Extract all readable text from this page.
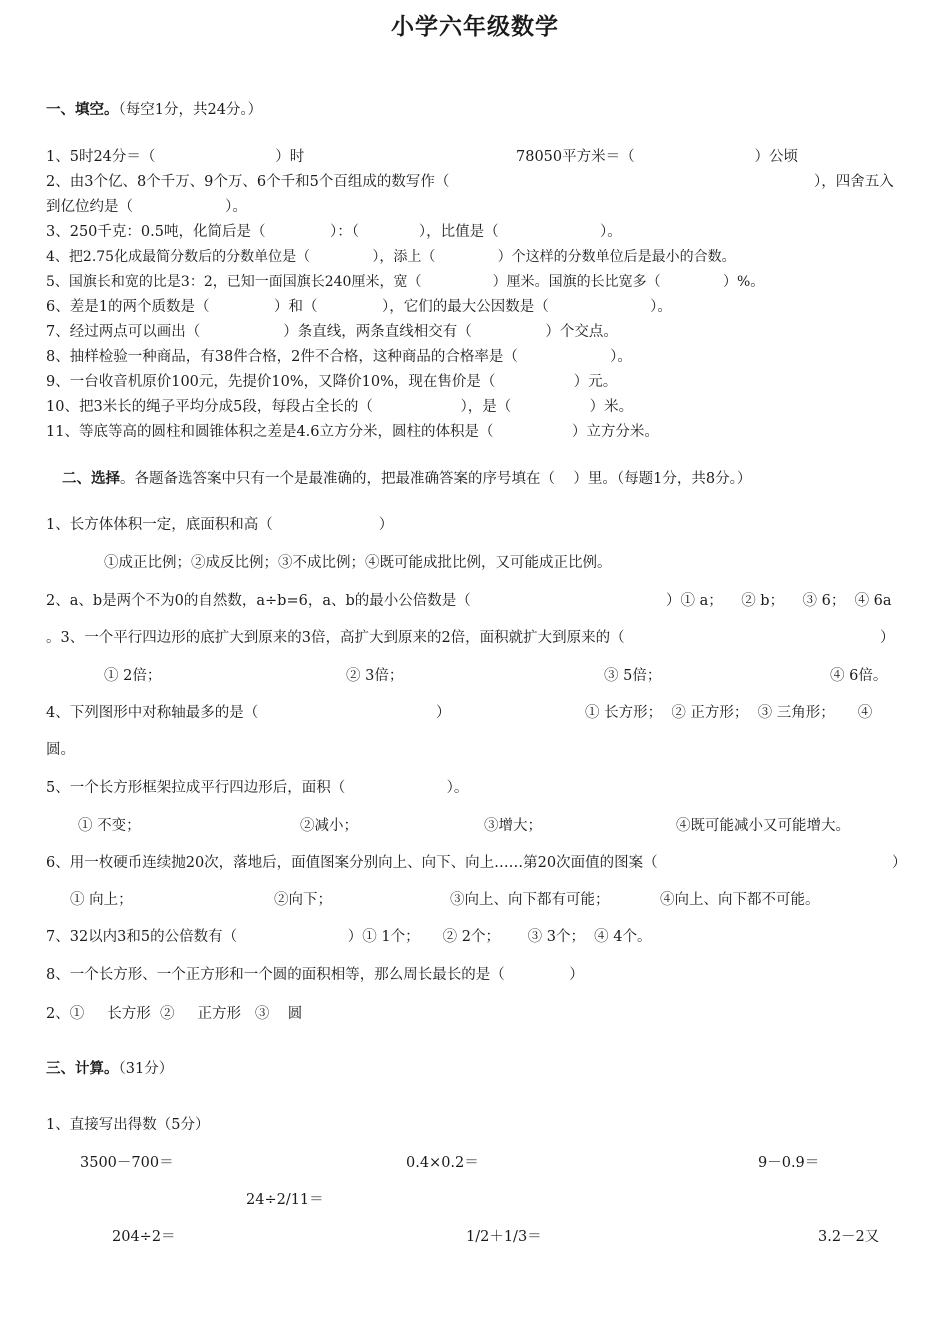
小学六年级数学
一、填空。（每空1分，共24分。）
1、5时24分＝（                          ）时	78050平方米＝（                          ）公顷
2、由3个亿、8个千万、9个万、6个千和5个百组成的数写作（	），四舍五入
到亿位约是（                    ）。
3、250千克：0.5吨，化简后是（              ）：（             ），比值是（                      ）。
4、把2.75化成最简分数后的分数单位是（              ），添上（              ）个这样的分数单位后是最小的合数。
5、国旗长和宽的比是3：2，已知一面国旗长240厘米，宽（                ）厘米。国旗的长比宽多（              ）%。
6、差是1的两个质数是（              ）和（              ），它们的最大公因数是（                      ）。
7、经过两点可以画出（                  ）条直线，两条直线相交有（                ）个交点。
8、抽样检验一种商品，有38件合格，2件不合格，这种商品的合格率是（                    ）。
9、一台收音机原价100元，先提价10%，又降价10%，现在售价是（                 ）元。
10、把3米长的绳子平均分成5段，每段占全长的（                   ），是（                 ）米。
11、等底等高的圆柱和圆锥体积之差是4.6立方分米，圆柱的体积是（                 ）立方分米。
二、选择。各题备选答案中只有一个是最准确的，把最准确答案的序号填在（    ）里。（每题1分，共8分。）
1、长方体体积一定，底面积和高（                       ）
①成正比例；②成反比例；③不成比例；④既可能成批比例，又可能成正比例。
2、a、b是两个不为0的自然数，a÷b=6，a、b的最小公倍数是（	）① a；    ② b；    ③ 6；  ④ 6a
。3、一个平行四边形的底扩大到原来的3倍，高扩大到原来的2倍，面积就扩大到原来的（	）
① 2倍；	② 3倍；	③ 5倍；	④ 6倍。
4、下列图形中对称轴最多的是（	）	① 长方形；  ② 正方形；  ③ 三角形；     ④
圆。
5、一个长方形框架拉成平行四边形后，面积（                      ）。
① 不变；	②减小；	③增大；	④既可能减小又可能增大。
6、用一枚硬币连续抛20次，落地后，面值图案分别向上、向下、向上……第20次面值的图案（	）
① 向上；	②向下；	③向上、向下都有可能；	④向上、向下都不可能。
7、32以内3和5的公倍数有（                        ）① 1个；     ② 2个；      ③ 3个；  ④ 4个。
8、一个长方形、一个正方形和一个圆的面积相等，那么周长最长的是（              ）
2、①     长方形  ②     正方形   ③    圆
三、计算。（31分）
1、直接写出得数（5分）
3500－700＝	0.4×0.2＝	9－0.9＝
24÷2/11＝
204÷2＝	1/2＋1/3＝	3.2－2又
